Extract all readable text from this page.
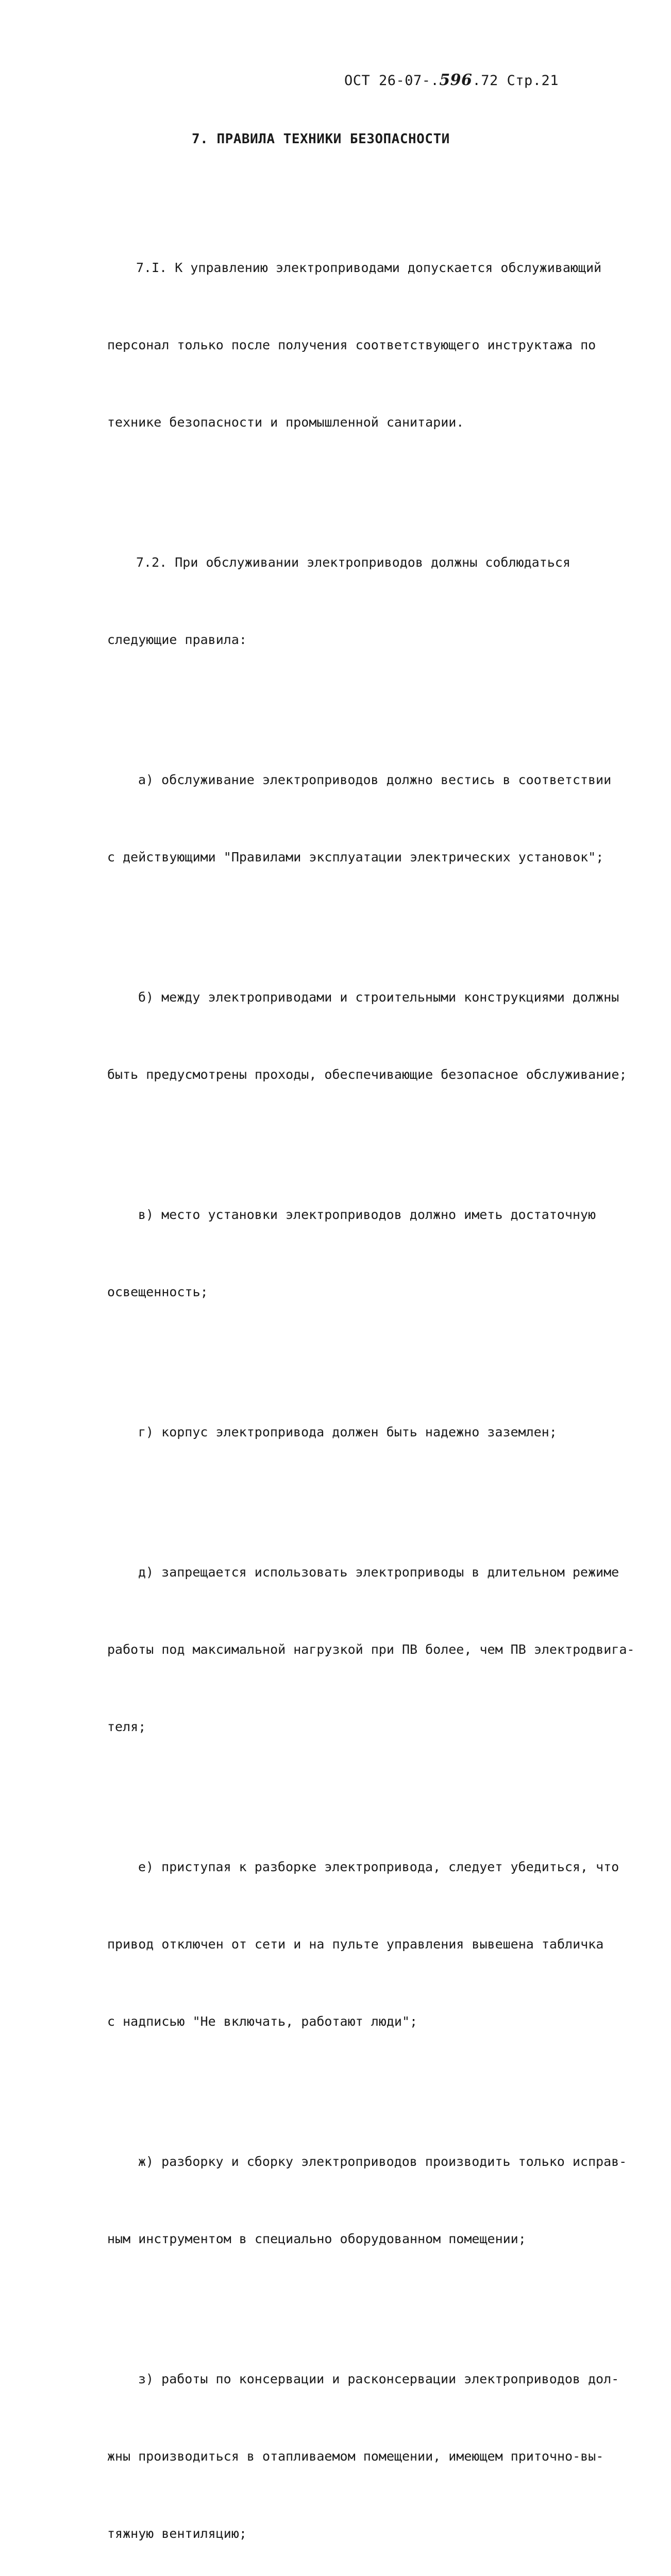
ОСТ 26-07-.596.72 Стр.21
7. ПРАВИЛА ТЕХНИКИ БЕЗОПАСНОСТИ

7.I. К управлению электроприводами допускается обслуживающий

персонал только после получения соответствующего инструктажа по

технике безопасности и промышленной санитарии.

7.2. При обслуживании электроприводов должны соблюдаться

следующие правила:

а) обслуживание электроприводов должно вестись в соответствии

с действующими "Правилами эксплуатации электрических установок";

б) между электроприводами и строительными конструкциями должны

быть предусмотрены проходы, обеспечивающие безопасное обслуживание;

в) место установки электроприводов должно иметь достаточную

освещенность;

г) корпус электропривода должен быть надежно заземлен;

д) запрещается использовать электроприводы в длительном режиме

работы под максимальной нагрузкой при ПВ более, чем ПВ электродвига-

теля;

е) приступая к разборке электропривода, следует убедиться, что

привод отключен от сети и на пульте управления вывешена табличка

с надписью "Не включать, работают люди";

ж) разборку и сборку электроприводов производить только исправ-

ным инструментом в специально оборудованном помещении;

з) работы по консервации и расконсервации электроприводов дол-

жны производиться в отапливаемом помещении, имеющем приточно-вы-

тяжную вентиляцию;
